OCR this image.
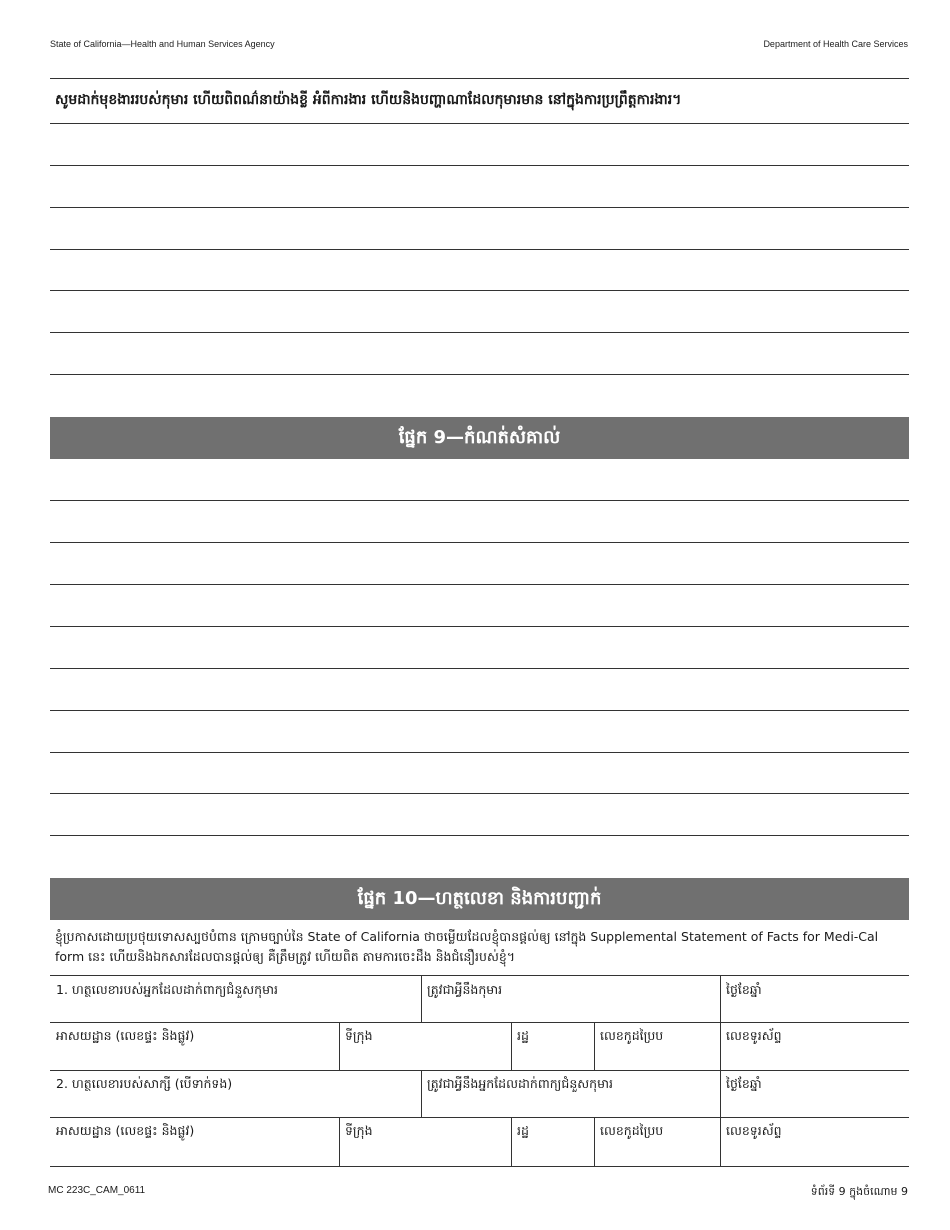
State of California—Health and Human Services Agency	Department of Health Care Services
សូមដាក់មុខងាររបស់កុមារ ហើយពិពណ៌នាយ៉ាងខ្លី អំពីការងារ ហើយនិងបញ្ហាណាដែលកុមារមាន នៅក្នុងការប្រព្រឹត្តការងារ។
ផ្នែក 9—កំណត់សំគាល់
ផ្នែក 10—ហត្ថលេខា និងការបញ្ជាក់
ខ្ញុំប្រកាសដោយប្រថុយទោសស្បថបំពាន ក្រោមច្បាប់នៃ State of California ថាចម្លើយដែលខ្ញុំបានផ្តល់ឲ្យ នៅក្នុង Supplemental Statement of Facts for Medi-Cal form នេះ ហើយនិងឯកសារដែលបានផ្តល់ឲ្យ គឺត្រឹមត្រូវ ហើយពិត តាមការចេះដឹង និងជំនឿរបស់ខ្ញុំ។
1. ហត្ថលេខារបស់អ្នកដែលដាក់ពាក្យជំនួសកុមារ	ត្រូវជាអ្វីនឹងកុមារ	ថ្ងៃខែឆ្នាំ
អាសយដ្ឋាន (លេខផ្ទះ និងផ្លូវ)	ទីក្រុង	រដ្ឋ	លេខកូដប្រៃប	លេខទូរស័ព្ទ
2. ហត្ថលេខារបស់សាក្សី (បើទាក់ទង)	ត្រូវជាអ្វីនឹងអ្នកដែលដាក់ពាក្យជំនួសកុមារ	ថ្ងៃខែឆ្នាំ
អាសយដ្ឋាន (លេខផ្ទះ និងផ្លូវ)	ទីក្រុង	រដ្ឋ	លេខកូដប្រៃប	លេខទូរស័ព្ទ
MC 223C_CAM_0611	ទំព័រទី 9 ក្នុងចំណោម 9
